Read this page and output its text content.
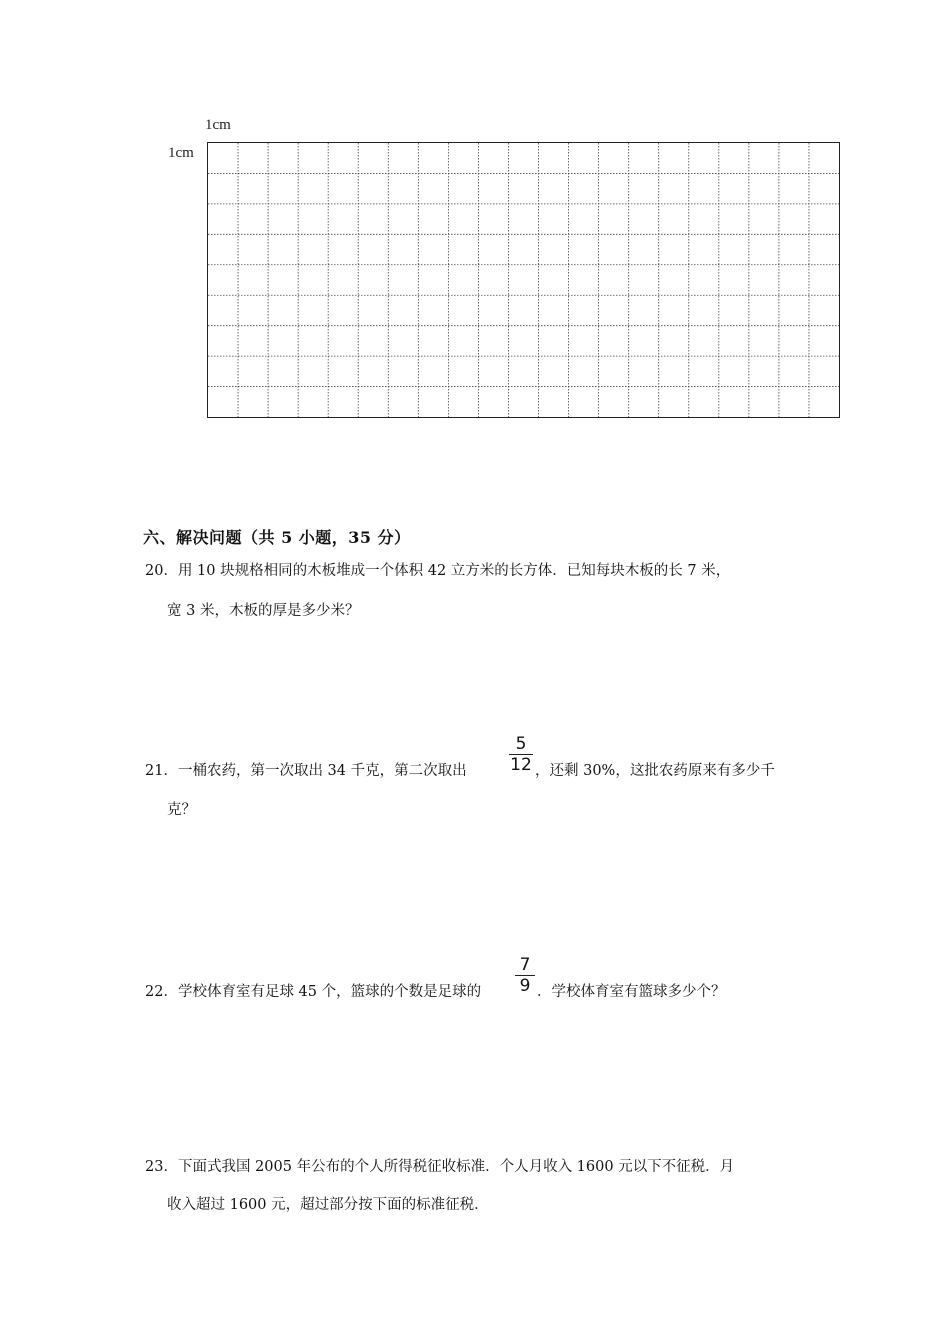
1cm
1cm
六、解决问题（共 5 小题，35 分）
20．用 10 块规格相同的木板堆成一个体积 42 立方米的长方体．已知每块木板的长 7 米，
宽 3 米，木板的厚是多少米？
21．一桶农药，第一次取出 34 千克，第二次取出
5
12 ，还剩 30%，这批农药原来有多少千
克？
22．学校体育室有足球 45 个，篮球的个数是足球的
7
9 ．学校体育室有篮球多少个？
23．下面式我国 2005 年公布的个人所得税征收标准．个人月收入 1600 元以下不征税．月
收入超过 1600 元，超过部分按下面的标准征税．
